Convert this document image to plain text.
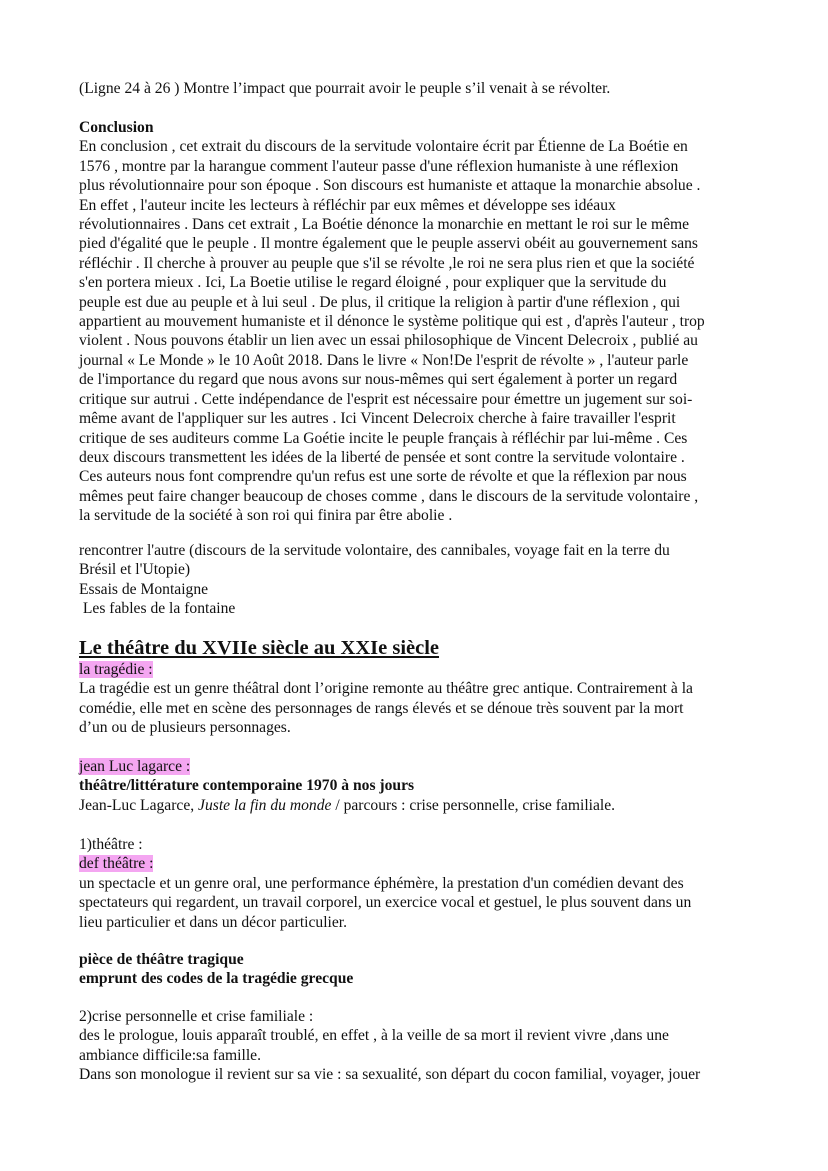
(Ligne 24 à 26 ) Montre l’impact que pourrait avoir le peuple s’il venait à se révolter.
Conclusion
En conclusion , cet extrait du discours de la servitude volontaire écrit par Étienne de La Boétie en
1576 , montre par la harangue comment l'auteur passe d'une réflexion humaniste à une réflexion
plus révolutionnaire pour son époque . Son discours est humaniste et attaque la monarchie absolue .
En effet , l'auteur incite les lecteurs à réfléchir par eux mêmes et développe ses idéaux
révolutionnaires . Dans cet extrait , La Boétie dénonce la monarchie en mettant le roi sur le même
pied d'égalité que le peuple . Il montre également que le peuple asservi obéit au gouvernement sans
réfléchir . Il cherche à prouver au peuple que s'il se révolte ,le roi ne sera plus rien et que la société
s'en portera mieux . Ici, La Boetie utilise le regard éloigné , pour expliquer que la servitude du
peuple est due au peuple et à lui seul . De plus, il critique la religion à partir d'une réflexion , qui
appartient au mouvement humaniste et il dénonce le système politique qui est , d'après l'auteur , trop
violent . Nous pouvons établir un lien avec un essai philosophique de Vincent Delecroix , publié au
journal « Le Monde » le 10 Août 2018. Dans le livre « Non!De l'esprit de révolte » , l'auteur parle
de l'importance du regard que nous avons sur nous-mêmes qui sert également à porter un regard
critique sur autrui . Cette indépendance de l'esprit est nécessaire pour émettre un jugement sur soi-
même avant de l'appliquer sur les autres . Ici Vincent Delecroix cherche à faire travailler l'esprit
critique de ses auditeurs comme La Goétie incite le peuple français à réfléchir par lui-même . Ces
deux discours transmettent les idées de la liberté de pensée et sont contre la servitude volontaire .
Ces auteurs nous font comprendre qu'un refus est une sorte de révolte et que la réflexion par nous
mêmes peut faire changer beaucoup de choses comme , dans le discours de la servitude volontaire ,
la servitude de la société à son roi qui finira par être abolie .
rencontrer l'autre (discours de la servitude volontaire, des cannibales, voyage fait en la terre du
Brésil et l'Utopie)
Essais de Montaigne
Les fables de la fontaine
Le théâtre du XVIIe siècle au XXIe siècle
la tragédie :
La tragédie est un genre théâtral dont l’origine remonte au théâtre grec antique. Contrairement à la
comédie, elle met en scène des personnages de rangs élevés et se dénoue très souvent par la mort
d’un ou de plusieurs personnages.
jean Luc lagarce :
théâtre/littérature contemporaine 1970 à nos jours
Jean-Luc Lagarce, Juste la fin du monde / parcours : crise personnelle, crise familiale.
1)théâtre :
def théâtre :
un spectacle et un genre oral, une performance éphémère, la prestation d'un comédien devant des
spectateurs qui regardent, un travail corporel, un exercice vocal et gestuel, le plus souvent dans un
lieu particulier et dans un décor particulier.
pièce de théâtre tragique
emprunt des codes de la tragédie grecque
2)crise personnelle et crise familiale :
des le prologue, louis apparaît troublé, en effet , à la veille de sa mort il revient vivre ,dans une
ambiance difficile:sa famille.
Dans son monologue il revient sur sa vie : sa sexualité, son départ du cocon familial, voyager, jouer
